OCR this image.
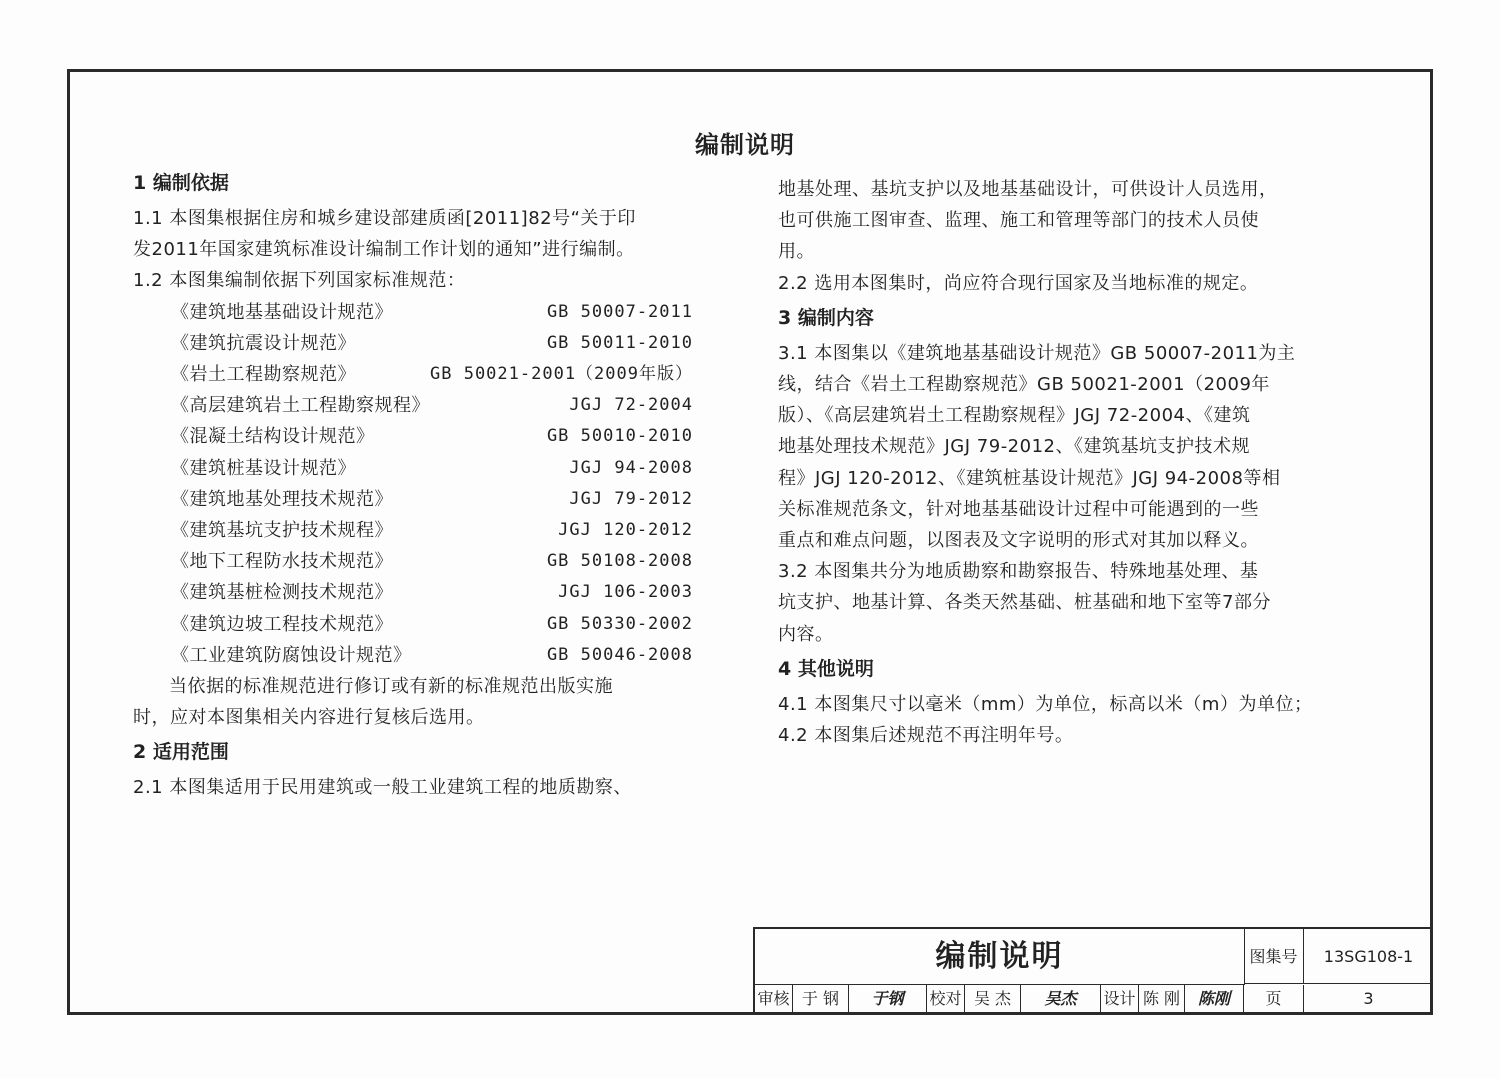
编制说明
1 编制依据
1.1 本图集根据住房和城乡建设部建质函[2011]82号“关于印
发2011年国家建筑标准设计编制工作计划的通知”进行编制。
1.2 本图集编制依据下列国家标准规范：
《建筑地基基础设计规范》	GB 50007-2011
《建筑抗震设计规范》	GB 50011-2010
《岩土工程勘察规范》	GB 50021-2001（2009年版）
《高层建筑岩土工程勘察规程》	JGJ 72-2004
《混凝土结构设计规范》	GB 50010-2010
《建筑桩基设计规范》	JGJ 94-2008
《建筑地基处理技术规范》	JGJ 79-2012
《建筑基坑支护技术规程》	JGJ 120-2012
《地下工程防水技术规范》	GB 50108-2008
《建筑基桩检测技术规范》	JGJ 106-2003
《建筑边坡工程技术规范》	GB 50330-2002
《工业建筑防腐蚀设计规范》	GB 50046-2008
当依据的标准规范进行修订或有新的标准规范出版实施
时，应对本图集相关内容进行复核后选用。
2 适用范围
2.1 本图集适用于民用建筑或一般工业建筑工程的地质勘察、
地基处理、基坑支护以及地基基础设计，可供设计人员选用，
也可供施工图审查、监理、施工和管理等部门的技术人员使
用。
2.2 选用本图集时，尚应符合现行国家及当地标准的规定。
3 编制内容
3.1 本图集以《建筑地基基础设计规范》GB 50007-2011为主
线，结合《岩土工程勘察规范》GB 50021-2001（2009年
版）、《高层建筑岩土工程勘察规程》JGJ 72-2004、《建筑
地基处理技术规范》JGJ 79-2012、《建筑基坑支护技术规
程》JGJ 120-2012、《建筑桩基设计规范》JGJ 94-2008等相
关标准规范条文，针对地基基础设计过程中可能遇到的一些
重点和难点问题，以图表及文字说明的形式对其加以释义。
3.2 本图集共分为地质勘察和勘察报告、特殊地基处理、基
坑支护、地基计算、各类天然基础、桩基础和地下室等7部分
内容。
4 其他说明
4.1 本图集尺寸以毫米（mm）为单位，标高以米（m）为单位；
4.2 本图集后述规范不再注明年号。
编制说明	图集号	13SG108-1
审核 于 钢	于钢	校对 吴 杰	吴杰	设计 陈 刚	陈刚	页	3
